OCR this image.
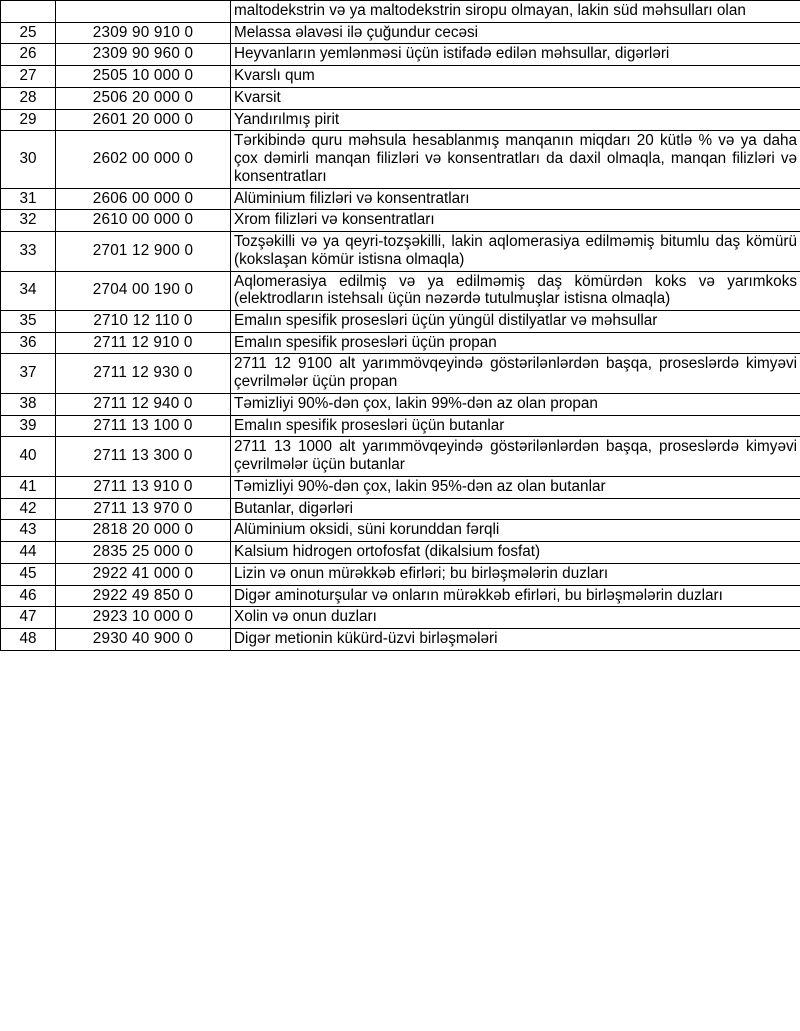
		maltodekstrin və ya maltodekstrin siropu olmayan, lakin süd məhsulları olan
25	2309 90 910 0	Melassa əlavəsi ilə çuğundur cecəsi
26	2309 90 960 0	Heyvanların yemlənməsi üçün istifadə edilən məhsullar, digərləri
27	2505 10 000 0	Kvarslı qum
28	2506 20 000 0	Kvarsit
29	2601 20 000 0	Yandırılmış pirit
30	2602 00 000 0	Tərkibində quru məhsula hesablanmış manqanın miqdarı 20 kütlə % və ya daha çox dəmirli manqan filizləri və konsentratları da daxil olmaqla, manqan filizləri və konsentratları
31	2606 00 000 0	Alüminium filizləri və konsentratları
32	2610 00 000 0	Xrom filizləri və konsentratları
33	2701 12 900 0	Tozşəkilli və ya qeyri-tozşəkilli, lakin aqlomerasiya edilməmiş bitumlu daş kömürü (kokslaşan kömür istisna olmaqla)
34	2704 00 190 0	Aqlomerasiya edilmiş və ya edilməmiş daş kömürdən koks və yarımkoks (elektrodların istehsalı üçün nəzərdə tutulmuşlar istisna olmaqla)
35	2710 12 110 0	Emalın spesifik prosesləri üçün yüngül distilyatlar və məhsullar
36	2711 12 910 0	Emalın spesifik prosesləri üçün propan
37	2711 12 930 0	2711 12 9100 alt yarımmövqeyində göstərilənlərdən başqa, proseslərdə kimyəvi çevrilmələr üçün propan
38	2711 12 940 0	Təmizliyi 90%-dən çox, lakin 99%-dən az olan propan
39	2711 13 100 0	Emalın spesifik prosesləri üçün butanlar
40	2711 13 300 0	2711 13 1000 alt yarımmövqeyində göstərilənlərdən başqa, proseslərdə kimyəvi çevrilmələr üçün butanlar
41	2711 13 910 0	Təmizliyi 90%-dən çox, lakin 95%-dən az olan butanlar
42	2711 13 970 0	Butanlar, digərləri
43	2818 20 000 0	Alüminium oksidi, süni korunddan fərqli
44	2835 25 000 0	Kalsium hidrogen ortofosfat (dikalsium fosfat)
45	2922 41 000 0	Lizin və onun mürəkkəb efirləri; bu birləşmələrin duzları
46	2922 49 850 0	Digər aminoturşular və onların mürəkkəb efirləri, bu birləşmələrin duzları
47	2923 10 000 0	Xolin və onun duzları
48	2930 40 900 0	Digər metionin kükürd-üzvi birləşmələri
